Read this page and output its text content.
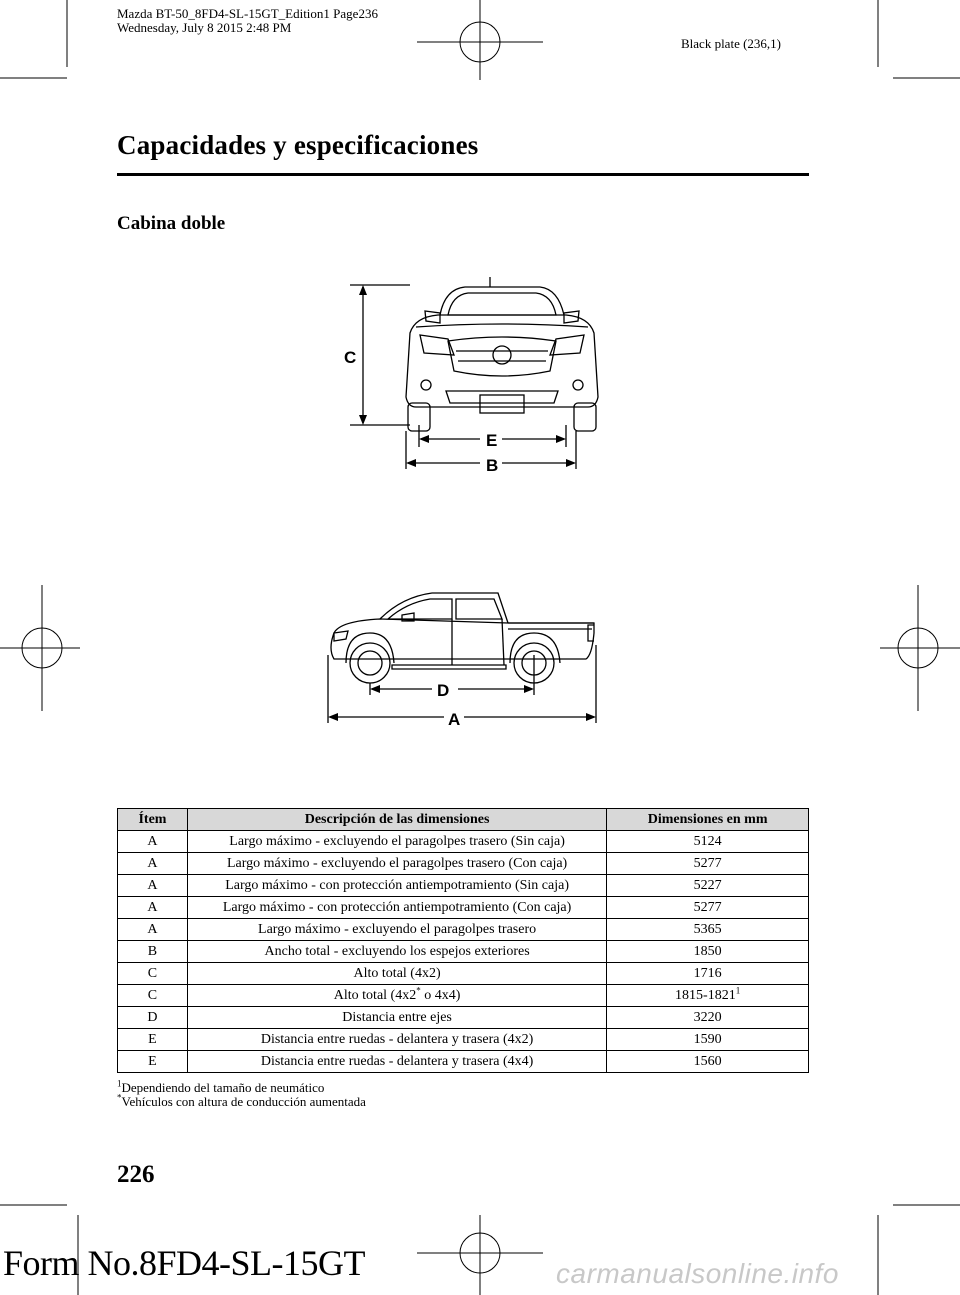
Mazda BT-50_8FD4-SL-15GT_Edition1 Page236
Wednesday, July 8 2015 2:48 PM
Black plate (236,1)
Capacidades y especificaciones
Cabina doble
C
E
B
D
A
Ítem	Descripción de las dimensiones	Dimensiones en mm
A	Largo máximo - excluyendo el paragolpes trasero (Sin caja)	5124
A	Largo máximo - excluyendo el paragolpes trasero (Con caja)	5277
A	Largo máximo - con protección antiempotramiento (Sin caja)	5227
A	Largo máximo - con protección antiempotramiento (Con caja)	5277
A	Largo máximo - excluyendo el paragolpes trasero	5365
B	Ancho total - excluyendo los espejos exteriores	1850
C	Alto total (4x2)	1716
C	Alto total (4x2* o 4x4)	1815-1821$^1$
D	Distancia entre ejes	3220
E	Distancia entre ruedas - delantera y trasera (4x2)	1590
E	Distancia entre ruedas - delantera y trasera (4x4)	1560
$^1$Dependiendo del tamaño de neumático
*Vehículos con altura de conducción aumentada
226
Form No.8FD4-SL-15GT	carmanualsonline.info
